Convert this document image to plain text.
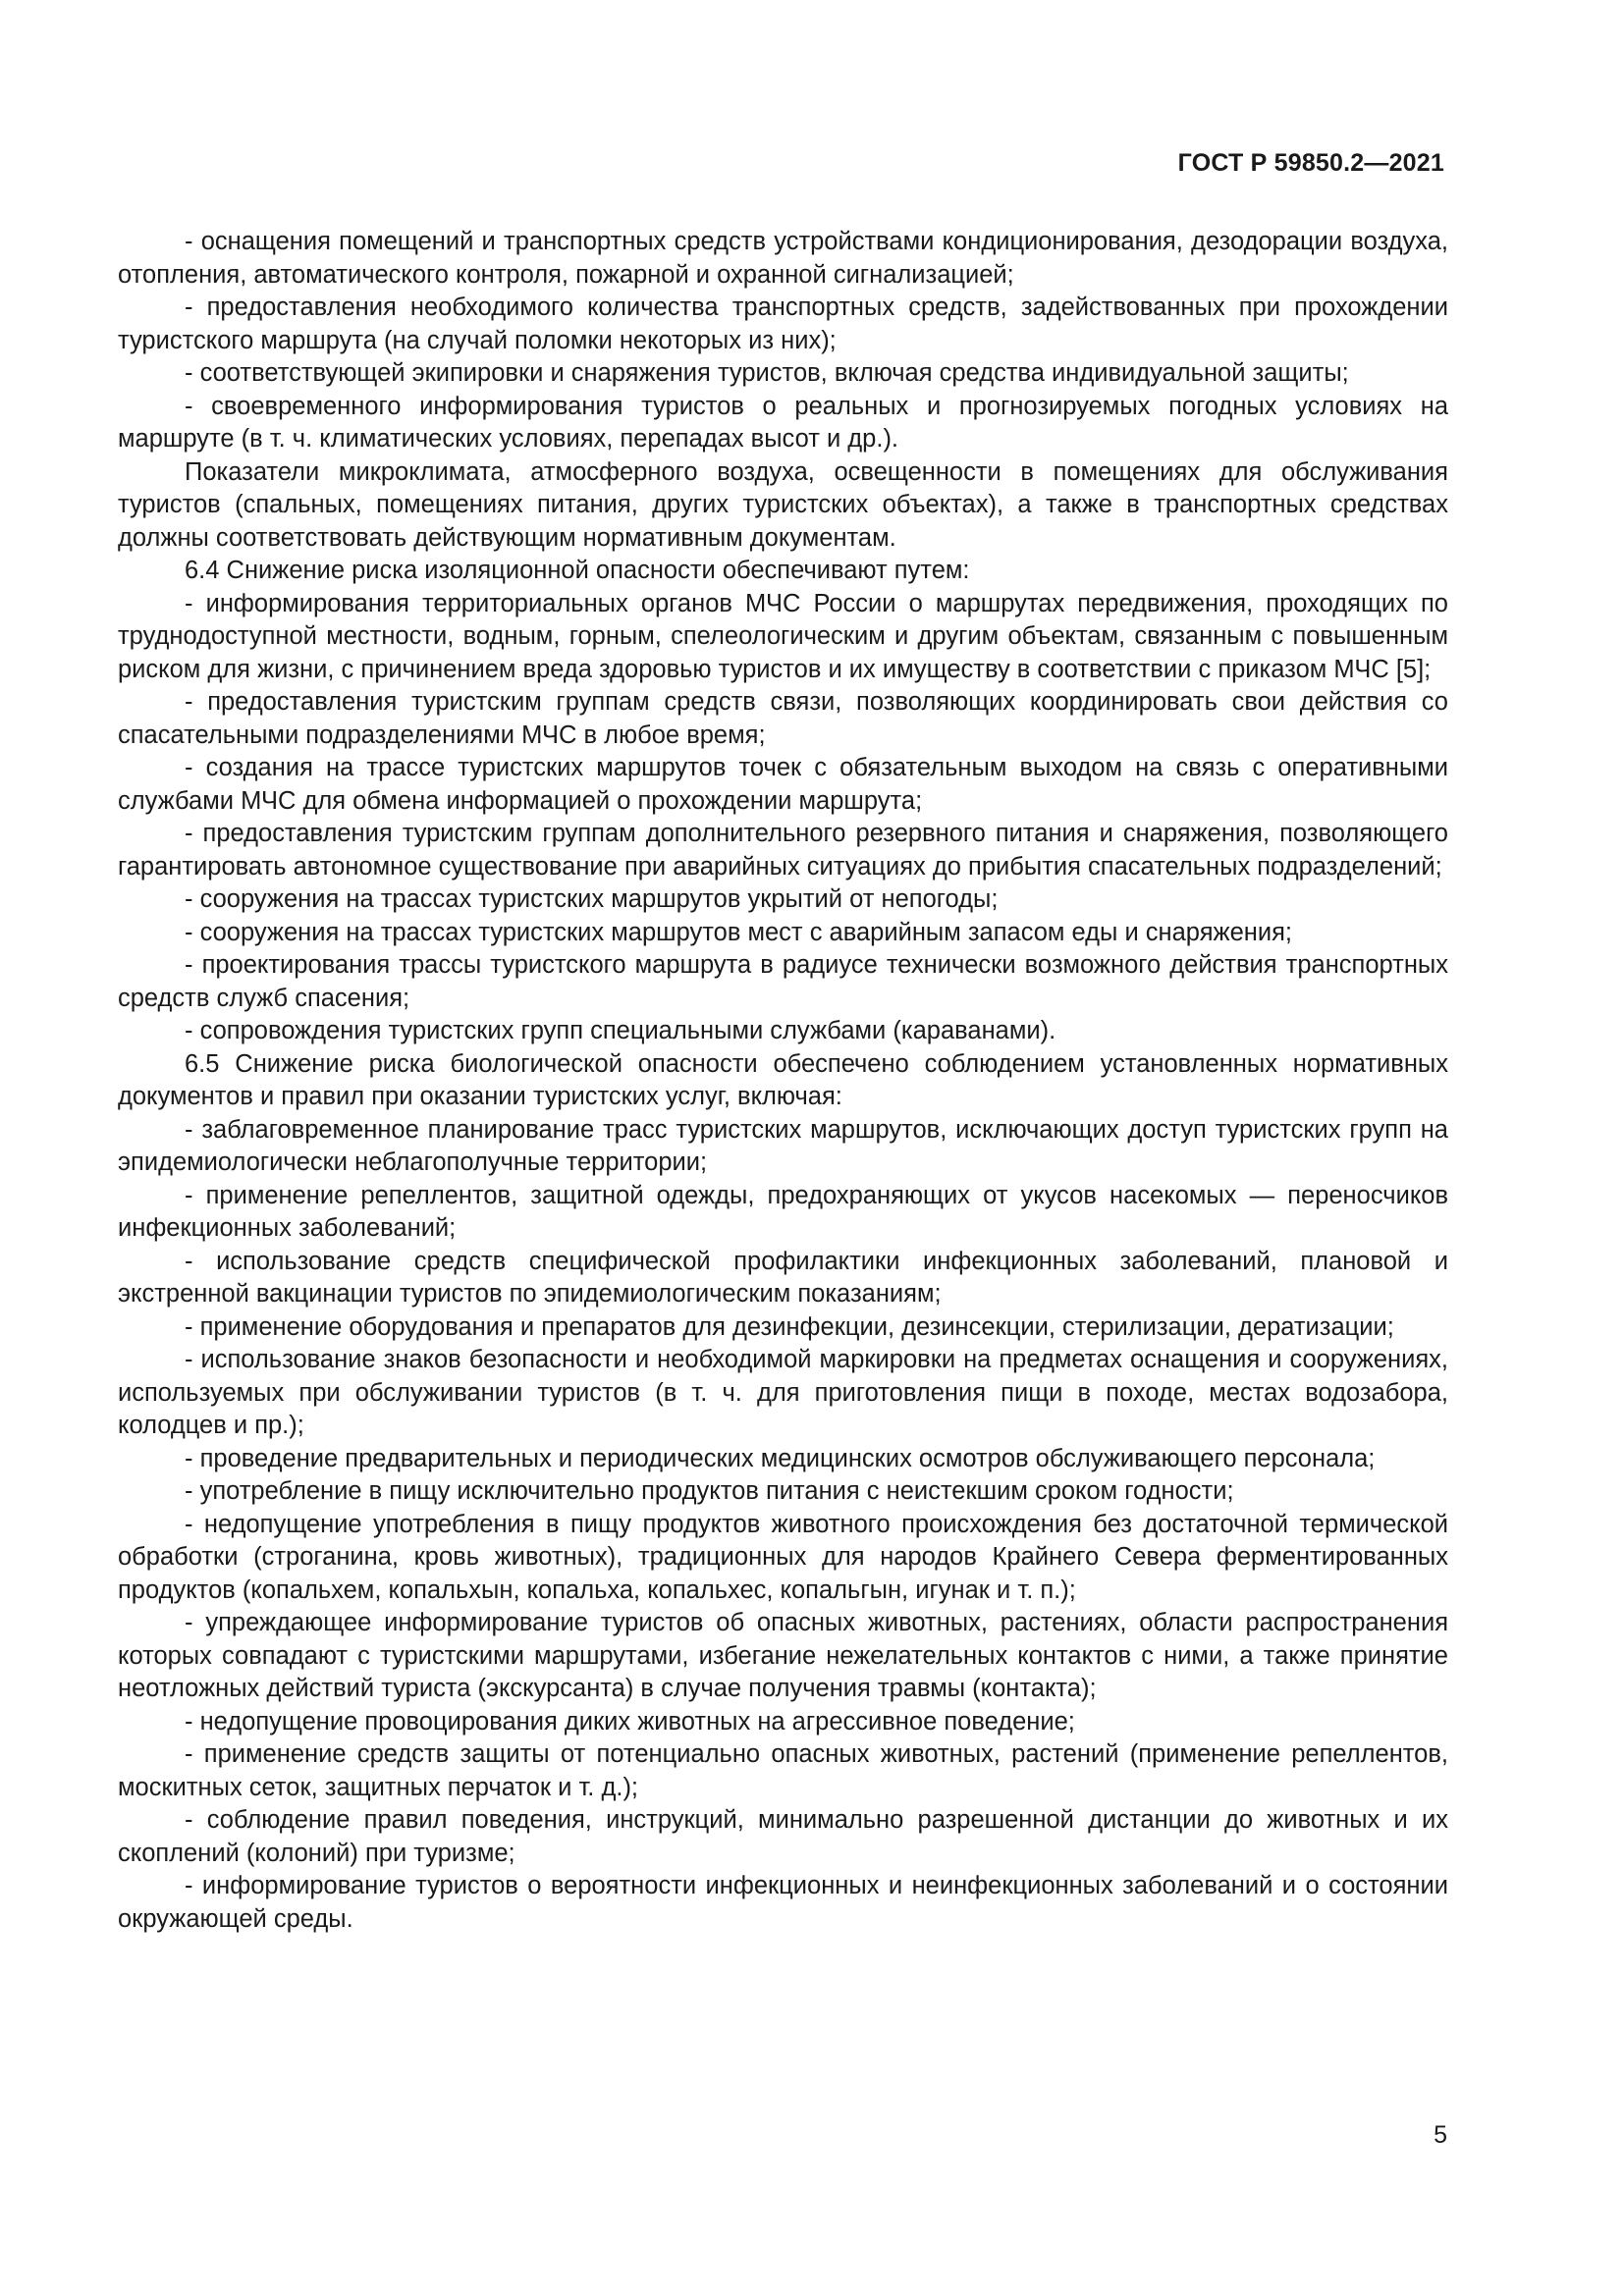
ГОСТ Р 59850.2—2021

- оснащения помещений и транспортных средств устройствами кондиционирования, дезодорации воздуха, отопления, автоматического контроля, пожарной и охранной сигнализацией;

- предоставления необходимого количества транспортных средств, задействованных при прохождении туристского маршрута (на случай поломки некоторых из них);

- соответствующей экипировки и снаряжения туристов, включая средства индивидуальной защиты;

- своевременного информирования туристов о реальных и прогнозируемых погодных условиях на маршруте (в т. ч. климатических условиях, перепадах высот и др.).

Показатели микроклимата, атмосферного воздуха, освещенности в помещениях для обслуживания туристов (спальных, помещениях питания, других туристских объектах), а также в транспортных средствах должны соответствовать действующим нормативным документам.

6.4 Снижение риска изоляционной опасности обеспечивают путем:

- информирования территориальных органов МЧС России о маршрутах передвижения, проходящих по труднодоступной местности, водным, горным, спелеологическим и другим объектам, связанным с повышенным риском для жизни, с причинением вреда здоровью туристов и их имуществу в соответствии с приказом МЧС [5];

- предоставления туристским группам средств связи, позволяющих координировать свои действия со спасательными подразделениями МЧС в любое время;

- создания на трассе туристских маршрутов точек с обязательным выходом на связь с оперативными службами МЧС для обмена информацией о прохождении маршрута;

- предоставления туристским группам дополнительного резервного питания и снаряжения, позволяющего гарантировать автономное существование при аварийных ситуациях до прибытия спасательных подразделений;

- сооружения на трассах туристских маршрутов укрытий от непогоды;

- сооружения на трассах туристских маршрутов мест с аварийным запасом еды и снаряжения;

- проектирования трассы туристского маршрута в радиусе технически возможного действия транспортных средств служб спасения;

- сопровождения туристских групп специальными службами (караванами).

6.5 Снижение риска биологической опасности обеспечено соблюдением установленных нормативных документов и правил при оказании туристских услуг, включая:

- заблаговременное планирование трасс туристских маршрутов, исключающих доступ туристских групп на эпидемиологически неблагополучные территории;

- применение репеллентов, защитной одежды, предохраняющих от укусов насекомых — переносчиков инфекционных заболеваний;

- использование средств специфической профилактики инфекционных заболеваний, плановой и экстренной вакцинации туристов по эпидемиологическим показаниям;

- применение оборудования и препаратов для дезинфекции, дезинсекции, стерилизации, дератизации;

- использование знаков безопасности и необходимой маркировки на предметах оснащения и сооружениях, используемых при обслуживании туристов (в т. ч. для приготовления пищи в походе, местах водозабора, колодцев и пр.);

- проведение предварительных и периодических медицинских осмотров обслуживающего персонала;

- употребление в пищу исключительно продуктов питания с неистекшим сроком годности;

- недопущение употребления в пищу продуктов животного происхождения без достаточной термической обработки (строганина, кровь животных), традиционных для народов Крайнего Севера ферментированных продуктов (копальхем, копальхын, копальха, копальхес, копальгын, игунак и т. п.);

- упреждающее информирование туристов об опасных животных, растениях, области распространения которых совпадают с туристскими маршрутами, избегание нежелательных контактов с ними, а также принятие неотложных действий туриста (экскурсанта) в случае получения травмы (контакта);

- недопущение провоцирования диких животных на агрессивное поведение;

- применение средств защиты от потенциально опасных животных, растений (применение репеллентов, москитных сеток, защитных перчаток и т. д.);

- соблюдение правил поведения, инструкций, минимально разрешенной дистанции до животных и их скоплений (колоний) при туризме;

- информирование туристов о вероятности инфекционных и неинфекционных заболеваний и о состоянии окружающей среды.

5
